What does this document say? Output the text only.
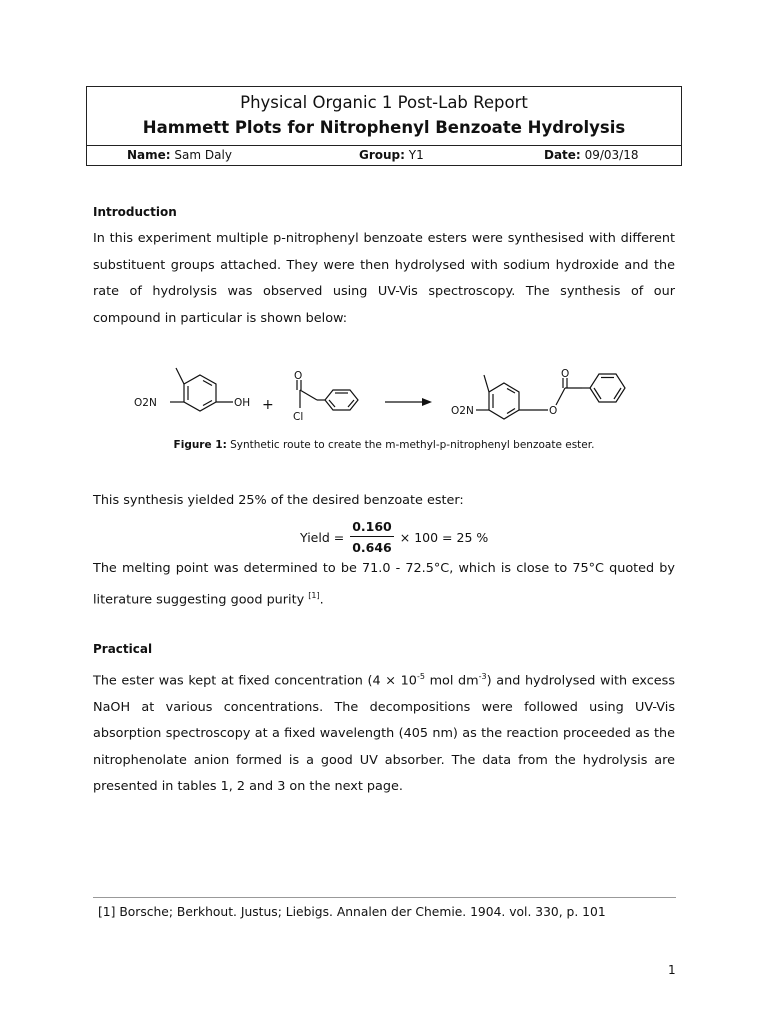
Physical Organic 1 Post-Lab Report
Hammett Plots for Nitrophenyl Benzoate Hydrolysis
Name: Sam Daly	Group: Y1	Date: 09/03/18
Introduction

In this experiment multiple p-nitrophenyl benzoate esters were synthesised with different substituent groups attached. They were then hydrolysed with sodium hydroxide and the rate of hydrolysis was observed using UV-Vis spectroscopy. The synthesis of our compound in particular is shown below:

O2N	OH +
O
Cl	O2N	O
O
Figure 1: Synthetic route to create the m-methyl-p-nitrophenyl benzoate ester.
This synthesis yielded 25% of the desired benzoate ester:
Yield = $\frac{0.160}{0.646} \times 100 = 25$ %
The melting point was determined to be 71.0 - 72.5°C, which is close to 75°C quoted by literature suggesting good purity [1].
Practical
The ester was kept at fixed concentration ($4 \times 10^{-5}$ mol $dm^{-3}$) and hydrolysed with excess NaOH at various concentrations. The decompositions were followed using UV-Vis absorption spectroscopy at a fixed wavelength (405 nm) as the reaction proceeded as the nitrophenolate anion formed is a good UV absorber. The data from the hydrolysis are presented in tables 1, 2 and 3 on the next page.
[1] Borsche; Berkhout. Justus; Liebigs. Annalen der Chemie. 1904. vol. 330, p. 101
1
